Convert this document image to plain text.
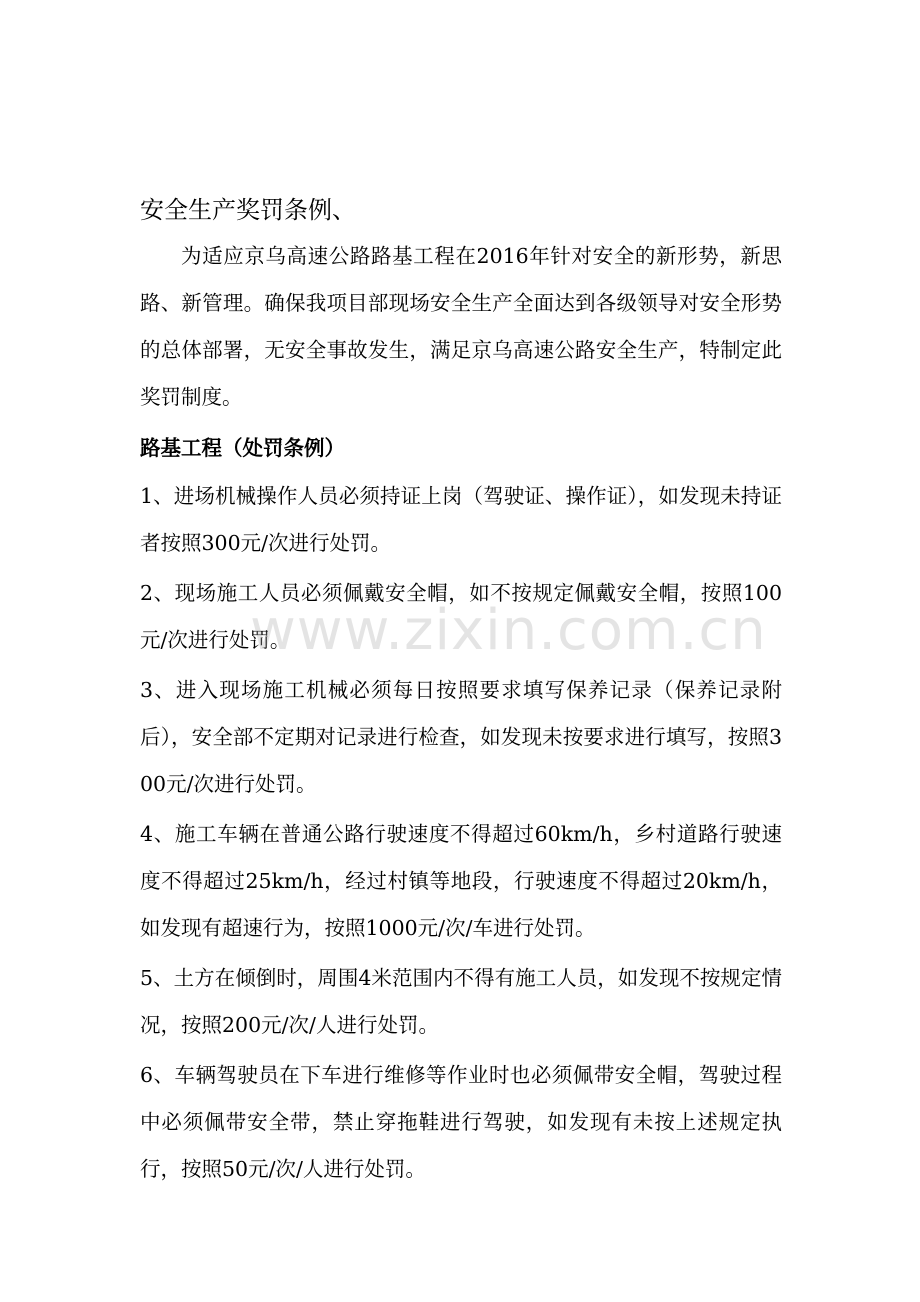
安全生产奖罚条例、

为适应京乌高速公路路基工程在2016年针对安全的新形势，新思路、新管理。确保我项目部现场安全生产全面达到各级领导对安全形势的总体部署，无安全事故发生，满足京乌高速公路安全生产，特制定此奖罚制度。

路基工程（处罚条例）

1、进场机械操作人员必须持证上岗（驾驶证、操作证），如发现未持证者按照300元/次进行处罚。

2、现场施工人员必须佩戴安全帽，如不按规定佩戴安全帽，按照100元/次进行处罚。

3、进入现场施工机械必须每日按照要求填写保养记录（保养记录附后），安全部不定期对记录进行检查，如发现未按要求进行填写，按照300元/次进行处罚。

4、施工车辆在普通公路行驶速度不得超过60km/h，乡村道路行驶速度不得超过25km/h，经过村镇等地段，行驶速度不得超过20km/h，如发现有超速行为，按照1000元/次/车进行处罚。

5、土方在倾倒时，周围4米范围内不得有施工人员，如发现不按规定情况，按照200元/次/人进行处罚。

6、车辆驾驶员在下车进行维修等作业时也必须佩带安全帽，驾驶过程中必须佩带安全带，禁止穿拖鞋进行驾驶，如发现有未按上述规定执行，按照50元/次/人进行处罚。

www.zixin.com.cn
